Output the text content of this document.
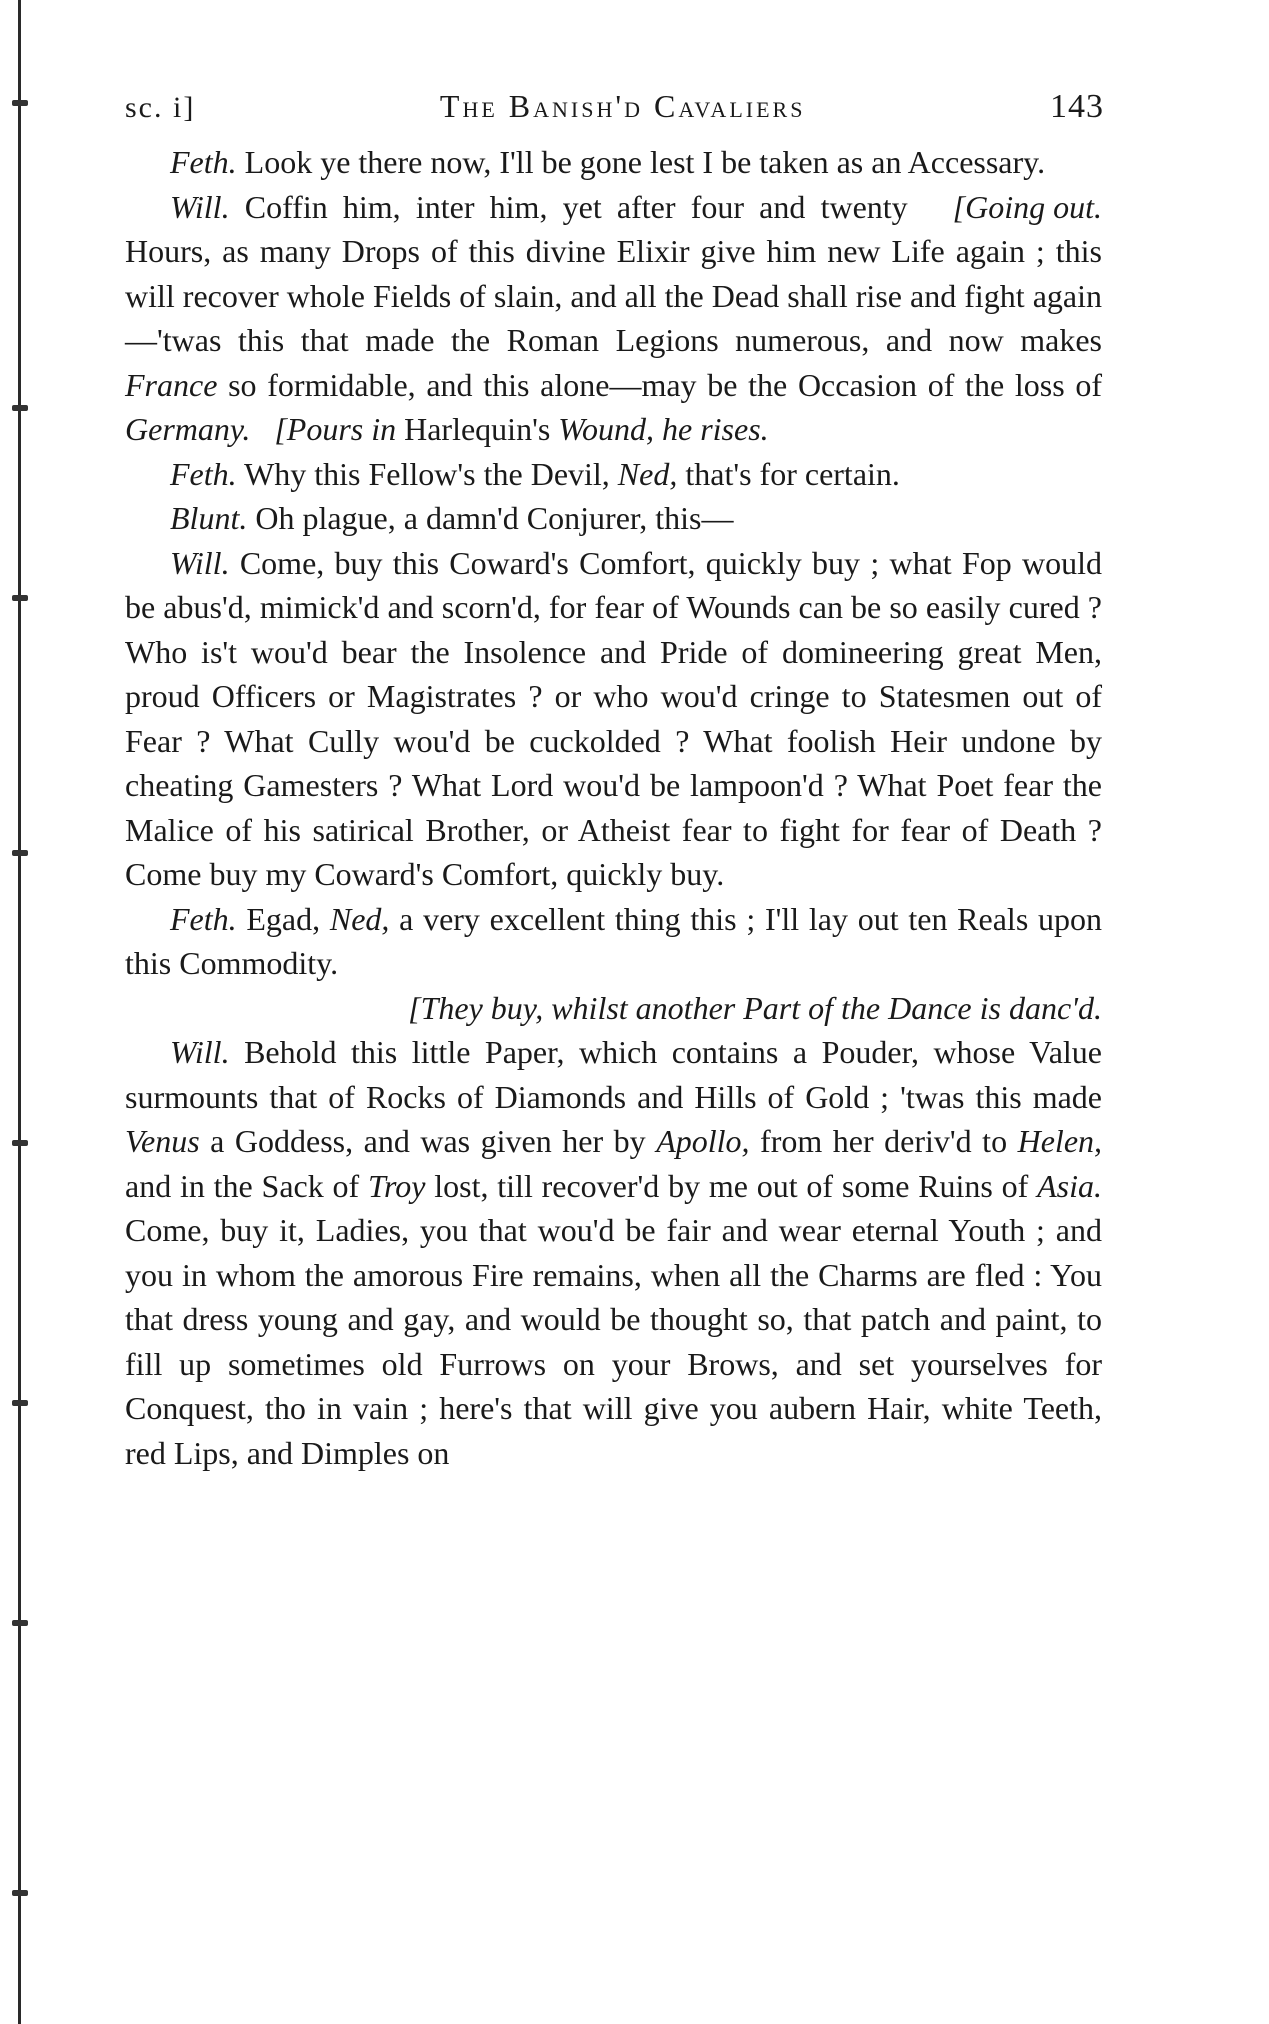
sc. i]	The Banish'd Cavaliers	143

Feth. Look ye there now, I'll be gone lest I be taken as an Accessary.
[Going out.

Will. Coffin him, inter him, yet after four and twenty Hours, as many Drops of this divine Elixir give him new Life again ; this will recover whole Fields of slain, and all the Dead shall rise and fight again—'twas this that made the Roman Legions numerous, and now makes France so formidable, and this alone—may be the Occasion of the loss of Germany. [Pours in Harlequin's Wound, he rises.

Feth. Why this Fellow's the Devil, Ned, that's for certain.

Blunt. Oh plague, a damn'd Conjurer, this—

Will. Come, buy this Coward's Comfort, quickly buy ; what Fop would be abus'd, mimick'd and scorn'd, for fear of Wounds can be so easily cured ? Who is't wou'd bear the Insolence and Pride of domineering great Men, proud Officers or Magistrates ? or who wou'd cringe to Statesmen out of Fear ? What Cully wou'd be cuckolded ? What foolish Heir undone by cheating Gamesters ? What Lord wou'd be lampoon'd ? What Poet fear the Malice of his satirical Brother, or Atheist fear to fight for fear of Death ? Come buy my Coward's Comfort, quickly buy.

Feth. Egad, Ned, a very excellent thing this ; I'll lay out ten Reals upon this Commodity.

[They buy, whilst another Part of the Dance is danc'd.

Will. Behold this little Paper, which contains a Pouder, whose Value surmounts that of Rocks of Diamonds and Hills of Gold ; 'twas this made Venus a Goddess, and was given her by Apollo, from her deriv'd to Helen, and in the Sack of Troy lost, till recover'd by me out of some Ruins of Asia. Come, buy it, Ladies, you that wou'd be fair and wear eternal Youth ; and you in whom the amorous Fire remains, when all the Charms are fled : You that dress young and gay, and would be thought so, that patch and paint, to fill up sometimes old Furrows on your Brows, and set yourselves for Conquest, tho in vain ; here's that will give you aubern Hair, white Teeth, red Lips, and Dimples on
